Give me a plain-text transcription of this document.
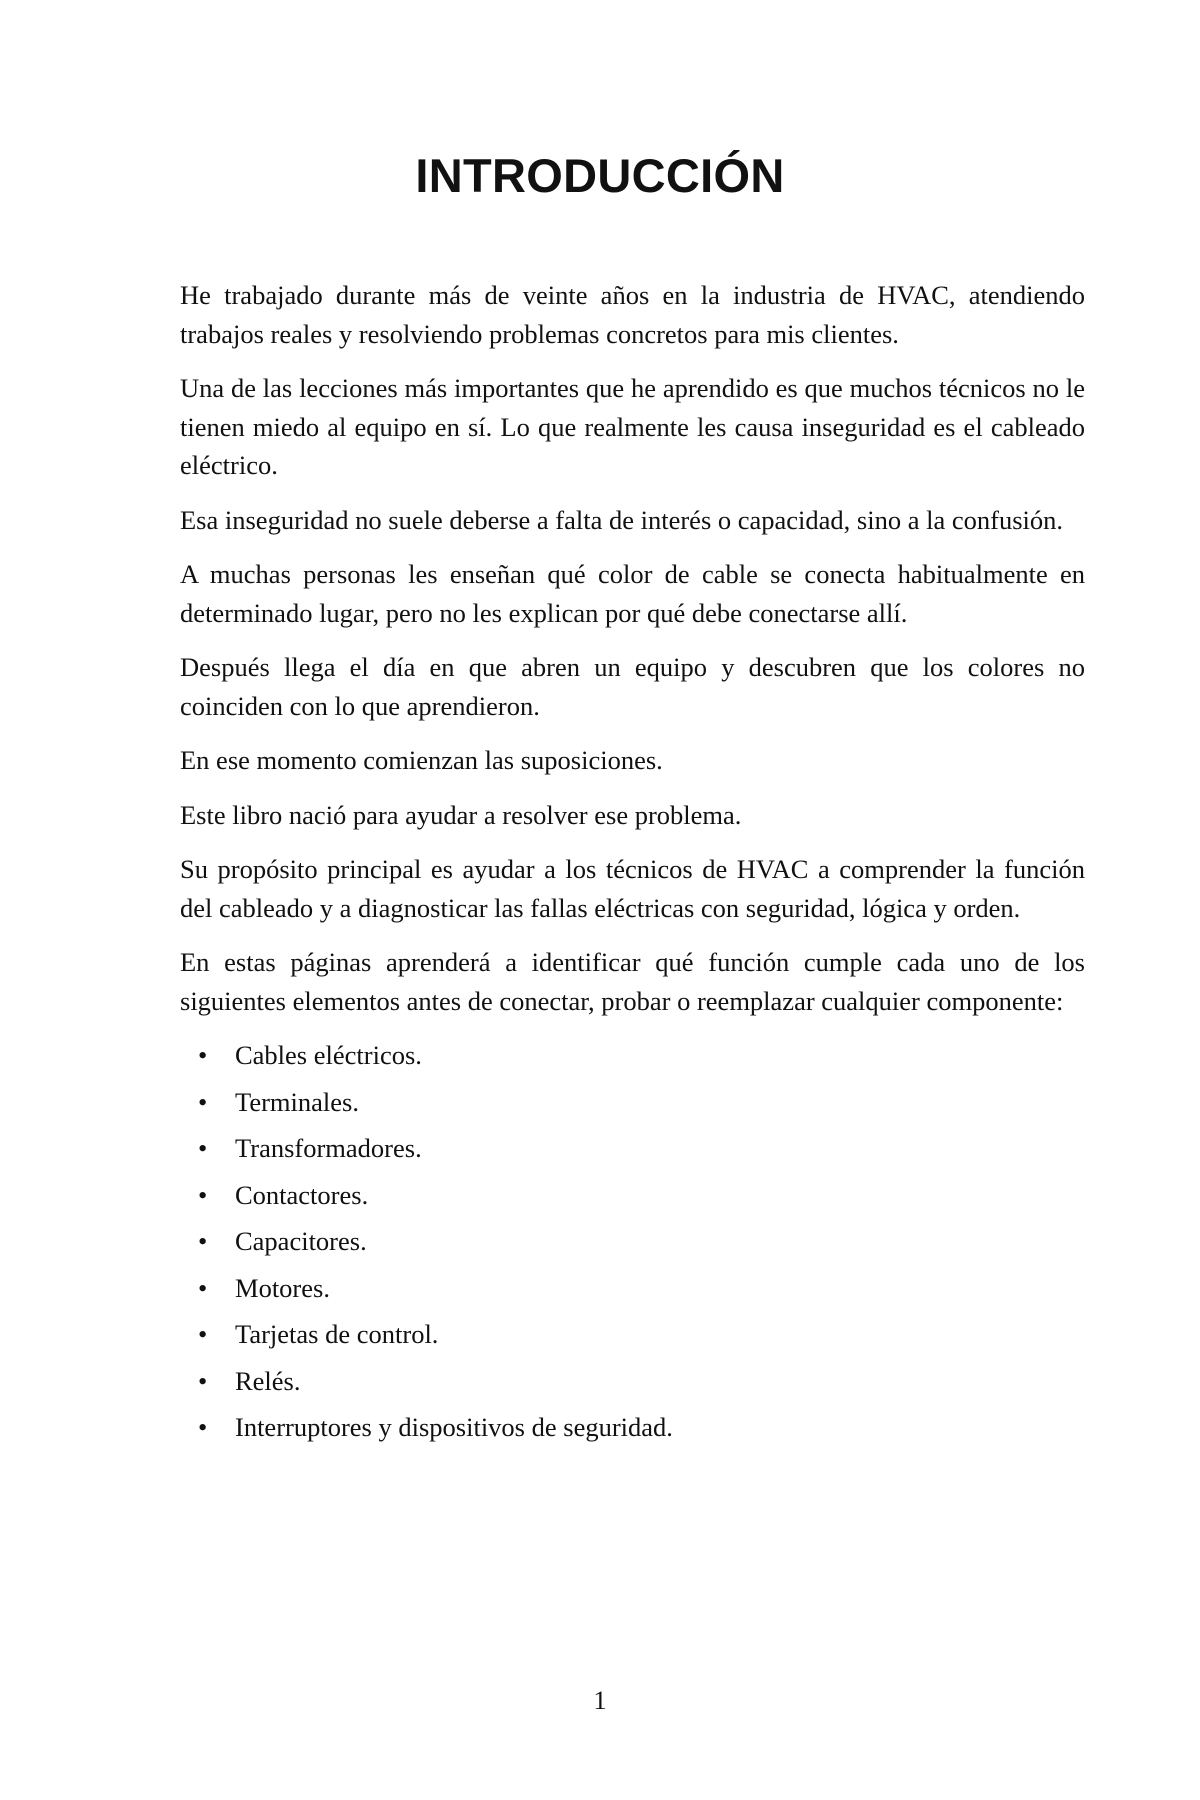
INTRODUCCIÓN

He trabajado durante más de veinte años en la industria de HVAC, atendiendo trabajos reales y resolviendo problemas concretos para mis clientes.

Una de las lecciones más importantes que he aprendido es que muchos técnicos no le tienen miedo al equipo en sí. Lo que realmente les causa inseguridad es el cableado eléctrico.

Esa inseguridad no suele deberse a falta de interés o capacidad, sino a la confusión.

A muchas personas les enseñan qué color de cable se conecta habitualmente en determinado lugar, pero no les explican por qué debe conectarse allí.

Después llega el día en que abren un equipo y descubren que los colores no coinciden con lo que aprendieron.

En ese momento comienzan las suposiciones.

Este libro nació para ayudar a resolver ese problema.

Su propósito principal es ayudar a los técnicos de HVAC a comprender la función del cableado y a diagnosticar las fallas eléctricas con seguridad, lógica y orden.

En estas páginas aprenderá a identificar qué función cumple cada uno de los siguientes elementos antes de conectar, probar o reemplazar cualquier componente:

• Cables eléctricos.
• Terminales.
• Transformadores.
• Contactores.
• Capacitores.
• Motores.
• Tarjetas de control.
• Relés.
• Interruptores y dispositivos de seguridad.
1
